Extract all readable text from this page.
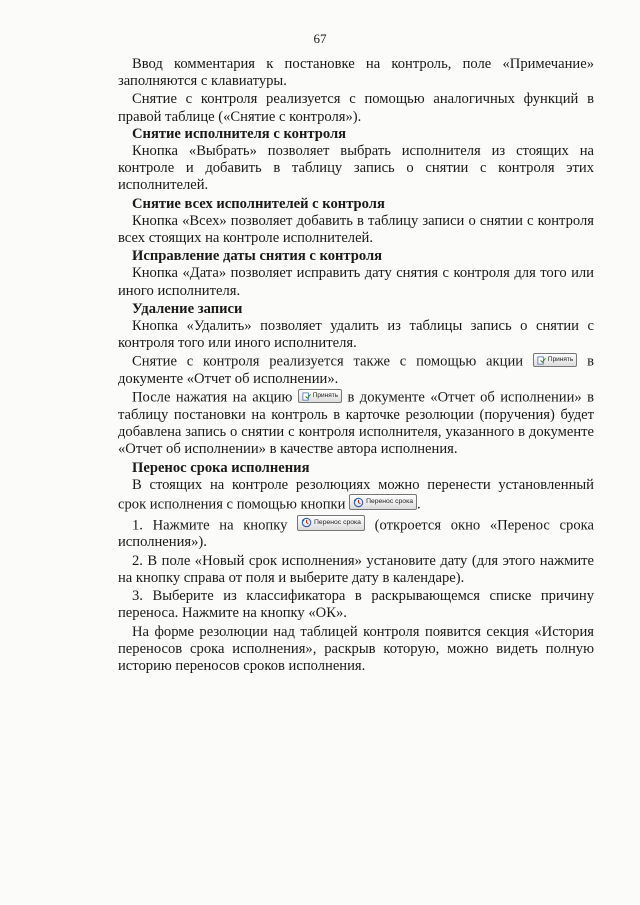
67

Ввод комментария к постановке на контроль, поле «Примечание» заполняются с клавиатуры.

Снятие с контроля реализуется с помощью аналогичных функций в правой таблице («Снятие с контроля»).

Снятие исполнителя с контроля

Кнопка «Выбрать» позволяет выбрать исполнителя из стоящих на контроле и добавить в таблицу запись о снятии с контроля этих исполнителей.

Снятие всех исполнителей с контроля

Кнопка «Всех» позволяет добавить в таблицу записи о снятии с контроля всех стоящих на контроле исполнителей.

Исправление даты снятия с контроля

Кнопка «Дата» позволяет исправить дату снятия с контроля для того или иного исполнителя.

Удаление записи

Кнопка «Удалить» позволяет удалить из таблицы запись о снятии с контроля того или иного исполнителя.

Снятие с контроля реализуется также с помощью акции	Принять в документе «Отчет об исполнении».

После нажатия на акцию	Принять в документе «Отчет об исполнении» в таблицу постановки на контроль в карточке резолюции (поручения) будет добавлена запись о снятии с контроля исполнителя, указанного в документе «Отчет об исполнении» в качестве автора исполнения.

Перенос срока исполнения

В стоящих на контроле резолюциях можно перенести установленный срок исполнения с помощью кнопки	Перенос срока .

1. Нажмите на кнопку	Перенос срока (откроется окно «Перенос срока исполнения»).

2. В поле «Новый срок исполнения» установите дату (для этого нажмите на кнопку справа от поля и выберите дату в календаре).

3. Выберите из классификатора в раскрывающемся списке причину переноса. Нажмите на кнопку «ОК».

На форме резолюции над таблицей контроля появится секция «История переносов срока исполнения», раскрыв которую, можно видеть полную историю переносов сроков исполнения.
